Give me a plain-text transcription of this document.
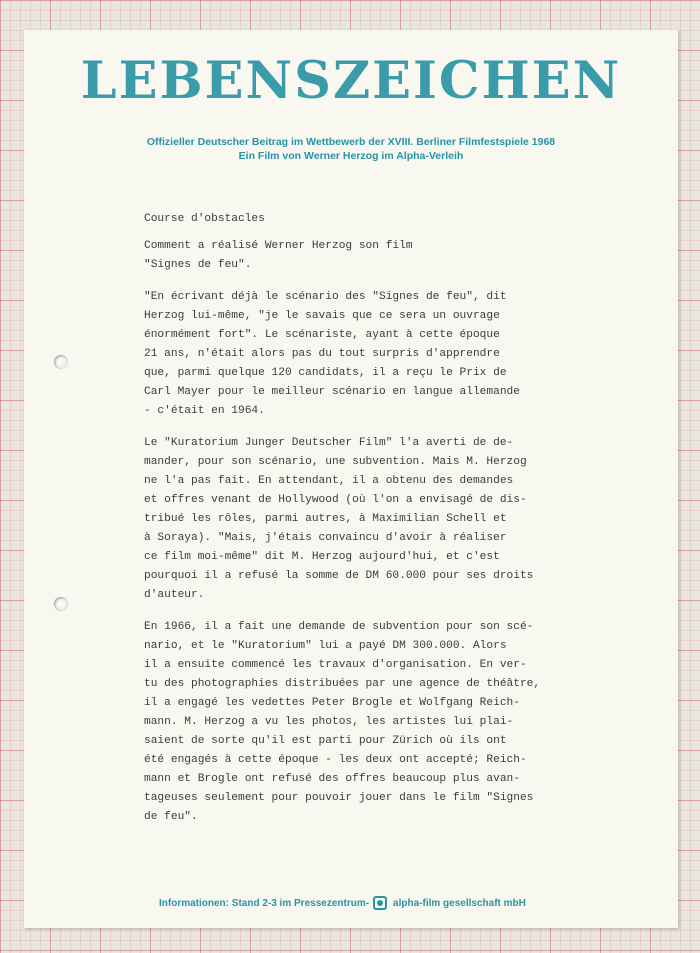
LEBENSZEICHEN
Offizieller Deutscher Beitrag im Wettbewerb der XVIII. Berliner Filmfestspiele 1968
Ein Film von Werner Herzog im Alpha-Verleih
Course d'obstacles
Comment a réalisé Werner Herzog son film
"Signes de feu".
"En écrivant déjà le scénario des "Signes de feu", dit
Herzog lui-même, "je le savais que ce sera un ouvrage
énormément fort". Le scénariste, ayant à cette époque
21 ans, n'était alors pas du tout surpris d'apprendre
que, parmi quelque 120 candidats, il a reçu le Prix de
Carl Mayer pour le meilleur scénario en langue allemande
- c'était en 1964.
Le "Kuratorium Junger Deutscher Film" l'a averti de de-
mander, pour son scénario, une subvention. Mais M. Herzog
ne l'a pas fait. En attendant, il a obtenu des demandes
et offres venant de Hollywood (où l'on a envisagé de dis-
tribué les rôles, parmi autres, à Maximilian Schell et
à Soraya). "Mais, j'étais convaincu d'avoir à réaliser
ce film moi-même" dit M. Herzog aujourd'hui, et c'est
pourquoi il a refusé la somme de DM 60.000 pour ses droits
d'auteur.
En 1966, il a fait une demande de subvention pour son scé-
nario, et le "Kuratorium" lui a payé DM 300.000. Alors
il a ensuite commencé les travaux d'organisation. En ver-
tu des photographies distribuées par une agence de théâtre,
il a engagé les vedettes Peter Brogle et Wolfgang Reich-
mann. M. Herzog a vu les photos, les artistes lui plai-
saient de sorte qu'il est parti pour Zürich où ils ont
été engagés à cette époque - les deux ont accepté; Reich-
mann et Brogle ont refusé des offres beaucoup plus avan-
tageuses seulement pour pouvoir jouer dans le film "Signes
de feu".
Informationen: Stand 2-3 im Pressezentrum- alpha-film gesellschaft mbH
